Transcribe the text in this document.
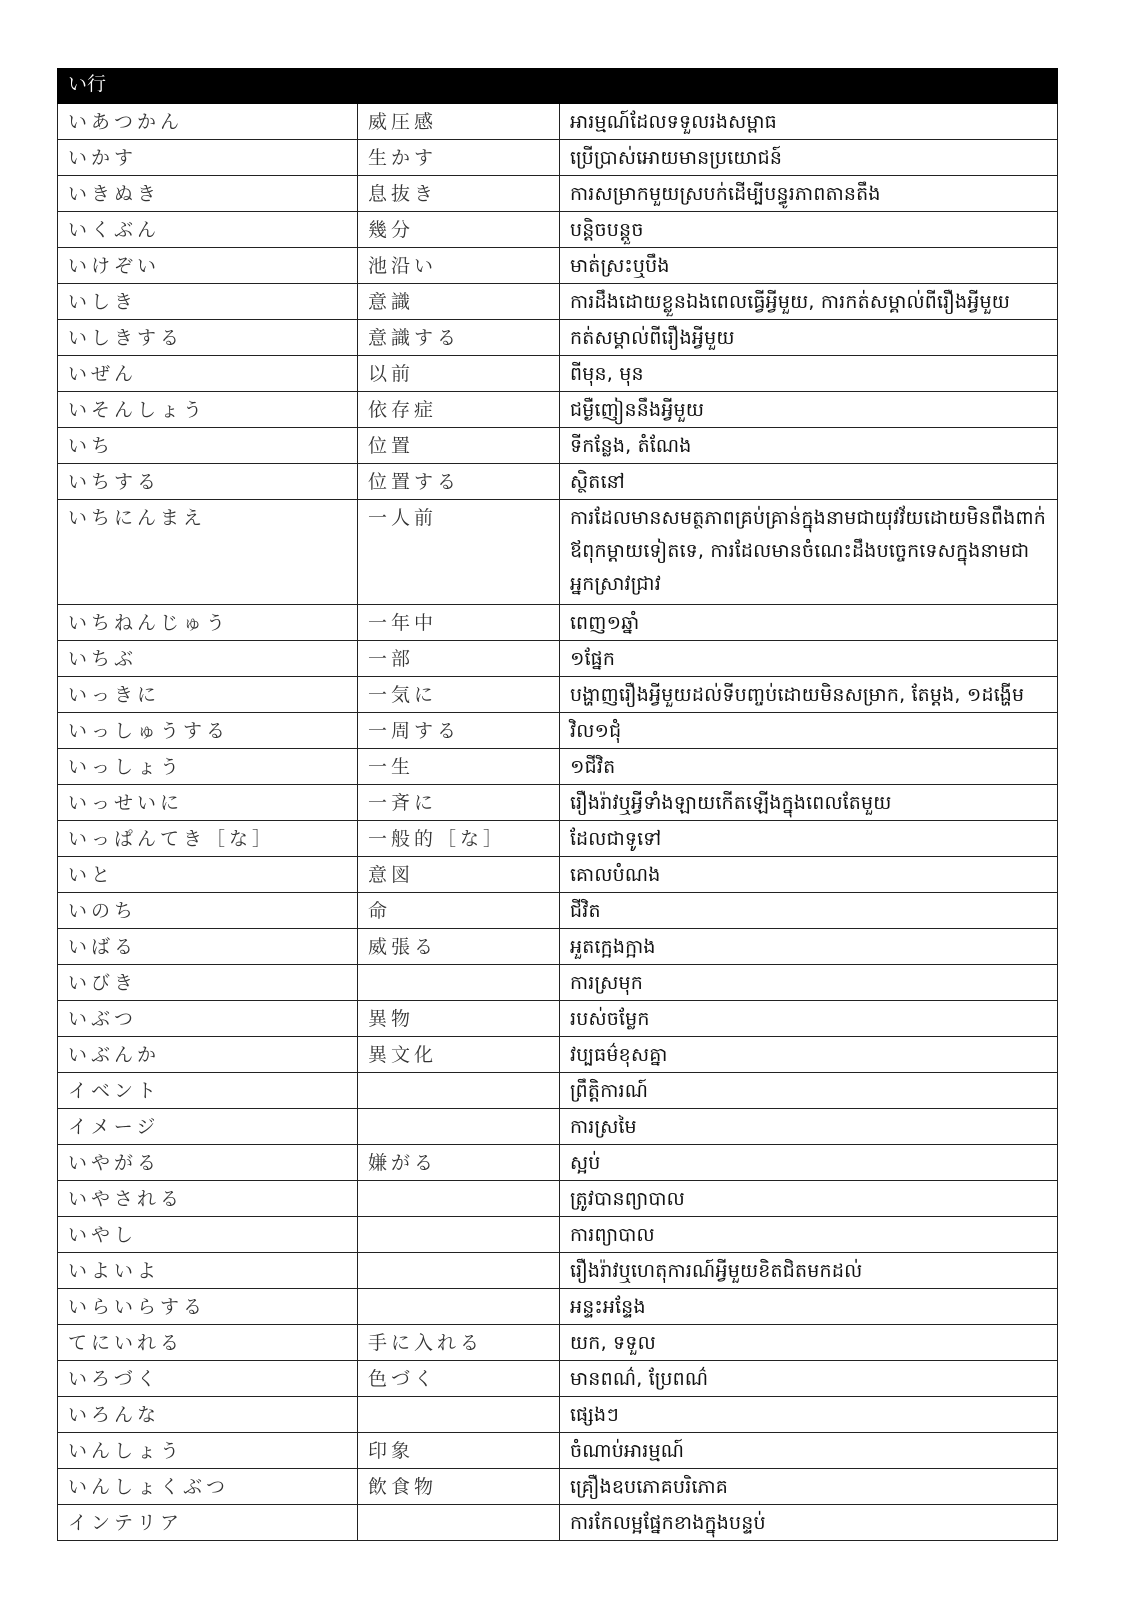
い行		
いあつかん	威圧感	អារម្មណ៍ដែលទទួលរងសម្ពាធ
いかす	生かす	ប្រើប្រាស់អោយមានប្រយោជន៍
いきぬき	息抜き	ការសម្រាកមួយស្របក់ដើម្បីបន្ធូរភាពតានតឹង
いくぶん	幾分	បន្តិចបន្តួច
いけぞい	池沿い	មាត់ស្រះឬបឹង
いしき	意識	ការដឹងដោយខ្លួនឯងពេលធ្វើអ្វីមួយ, ការកត់សម្គាល់ពីរឿងអ្វីមួយ
いしきする	意識する	កត់សម្គាល់ពីរឿងអ្វីមួយ
いぜん	以前	ពីមុន, មុន
いそんしょう	依存症	ជម្ងឺញៀននឹងអ្វីមួយ
いち	位置	ទីកន្លែង, តំណែង
いちする	位置する	ស្ថិតនៅ
いちにんまえ	一人前	ការដែលមានសមត្ថភាពគ្រប់គ្រាន់ក្នុងនាមជាយុវវ័យដោយមិនពឹងពាក់ឪពុកម្តាយទៀតទេ, ការដែលមានចំណេះដឹងបច្ចេកទេសក្នុងនាមជាអ្នកស្រាវជ្រាវ
いちねんじゅう	一年中	ពេញ១ឆ្នាំ
いちぶ	一部	១ផ្នែក
いっきに	一気に	បង្ហាញរឿងអ្វីមួយដល់ទីបញ្ចប់ដោយមិនសម្រាក, តែម្តង, ១ដង្ហើម
いっしゅうする	一周する	វិល១ជុំ
いっしょう	一生	១ជីវិត
いっせいに	一斉に	រឿងរ៉ាវឬអ្វីទាំងឡាយកើតឡើងក្នុងពេលតែមួយ
いっぱんてき［な］	一般的［な］	ដែលជាទូទៅ
いと	意図	គោលបំណង
いのち	命	ជីវិត
いばる	威張る	អួតក្អេងក្អាង
いびき		ការស្រមុក
いぶつ	異物	របស់ចម្លែក
いぶんか	異文化	វប្បធម៌ខុសគ្នា
イベント		ព្រឹត្តិការណ៍
イメージ		ការស្រមៃ
いやがる	嫌がる	ស្អប់
いやされる		ត្រូវបានព្យាបាល
いやし		ការព្យាបាល
いよいよ		រឿងរ៉ាវឬហេតុការណ៍អ្វីមួយខិតជិតមកដល់
いらいらする		អន្ទះអន្ទែង
てにいれる	手に入れる	យក, ទទួល
いろづく	色づく	មានពណ៌, ប្រែពណ៌
いろんな		ផ្សេងៗ
いんしょう	印象	ចំណាប់អារម្មណ៍
いんしょくぶつ	飲食物	គ្រឿងឧបភោគបរិភោគ
インテリア		ការកែលម្អផ្នែកខាងក្នុងបន្ទប់
